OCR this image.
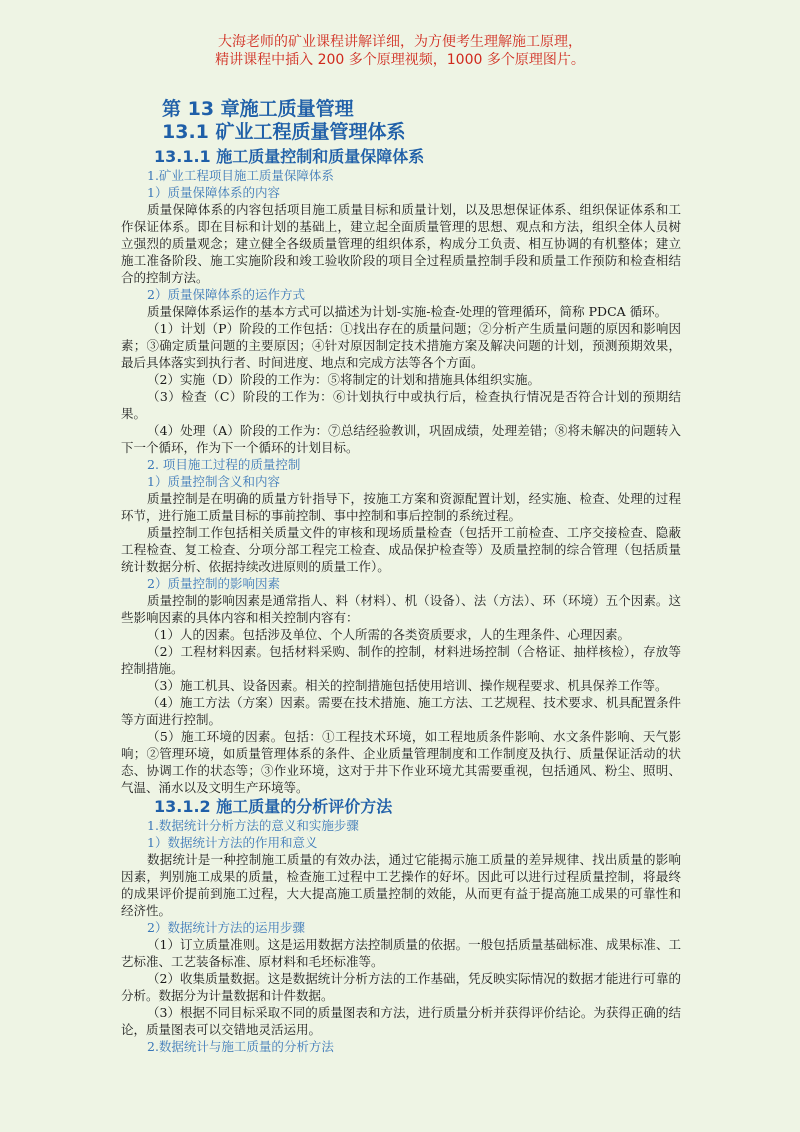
大海老师的矿业课程讲解详细，为方便考生理解施工原理，
精讲课程中插入 200 多个原理视频，1000 多个原理图片。
第 13 章施工质量管理
13.1 矿业工程质量管理体系
13.1.1 施工质量控制和质量保障体系
1.矿业工程项目施工质量保障体系
1）质量保障体系的内容
质量保障体系的内容包括项目施工质量目标和质量计划，以及思想保证体系、组织保证体系和工作保证体系。即在目标和计划的基础上，建立起全面质量管理的思想、观点和方法，组织全体人员树立强烈的质量观念；建立健全各级质量管理的组织体系，构成分工负责、相互协调的有机整体；建立施工准备阶段、施工实施阶段和竣工验收阶段的项目全过程质量控制手段和质量工作预防和检查相结合的控制方法。
2）质量保障体系的运作方式
质量保障体系运作的基本方式可以描述为计划-实施-检查-处理的管理循环，简称 PDCA 循环。
（1）计划（P）阶段的工作包括：①找出存在的质量问题；②分析产生质量问题的原因和影响因素；③确定质量问题的主要原因；④针对原因制定技术措施方案及解决问题的计划，预测预期效果，最后具体落实到执行者、时间进度、地点和完成方法等各个方面。
（2）实施（D）阶段的工作为：⑤将制定的计划和措施具体组织实施。
（3）检查（C）阶段的工作为：⑥计划执行中或执行后，检查执行情况是否符合计划的预期结果。
（4）处理（A）阶段的工作为：⑦总结经验教训，巩固成绩，处理差错；⑧将未解决的问题转入下一个循环，作为下一个循环的计划目标。
2. 项目施工过程的质量控制
1）质量控制含义和内容
质量控制是在明确的质量方针指导下，按施工方案和资源配置计划，经实施、检查、处理的过程环节，进行施工质量目标的事前控制、事中控制和事后控制的系统过程。
质量控制工作包括相关质量文件的审核和现场质量检查（包括开工前检查、工序交接检查、隐蔽工程检查、复工检查、分项分部工程完工检查、成品保护检查等）及质量控制的综合管理（包括质量统计数据分析、依据持续改进原则的质量工作）。
2）质量控制的影响因素
质量控制的影响因素是通常指人、料（材料）、机（设备）、法（方法）、环（环境）五个因素。这些影响因素的具体内容和相关控制内容有：
（1）人的因素。包括涉及单位、个人所需的各类资质要求，人的生理条件、心理因素。
（2）工程材料因素。包括材料采购、制作的控制，材料进场控制（合格证、抽样核检），存放等控制措施。
（3）施工机具、设备因素。相关的控制措施包括使用培训、操作规程要求、机具保养工作等。
（4）施工方法（方案）因素。需要在技术措施、施工方法、工艺规程、技术要求、机具配置条件等方面进行控制。
（5）施工环境的因素。包括：①工程技术环境，如工程地质条件影响、水文条件影响、天气影响；②管理环境，如质量管理体系的条件、企业质量管理制度和工作制度及执行、质量保证活动的状态、协调工作的状态等；③作业环境，这对于井下作业环境尤其需要重视，包括通风、粉尘、照明、气温、涌水以及文明生产环境等。
13.1.2 施工质量的分析评价方法
1.数据统计分析方法的意义和实施步骤
1）数据统计方法的作用和意义
数据统计是一种控制施工质量的有效办法，通过它能揭示施工质量的差异规律、找出质量的影响因素，判别施工成果的质量，检查施工过程中工艺操作的好坏。因此可以进行过程质量控制，将最终的成果评价提前到施工过程，大大提高施工质量控制的效能，从而更有益于提高施工成果的可靠性和经济性。
2）数据统计方法的运用步骤
（1）订立质量准则。这是运用数据方法控制质量的依据。一般包括质量基础标准、成果标准、工艺标准、工艺装备标准、原材料和毛坯标准等。
（2）收集质量数据。这是数据统计分析方法的工作基础，凭反映实际情况的数据才能进行可靠的分析。数据分为计量数据和计件数据。
（3）根据不同目标采取不同的质量图表和方法，进行质量分析并获得评价结论。为获得正确的结论，质量图表可以交错地灵活运用。
2.数据统计与施工质量的分析方法
